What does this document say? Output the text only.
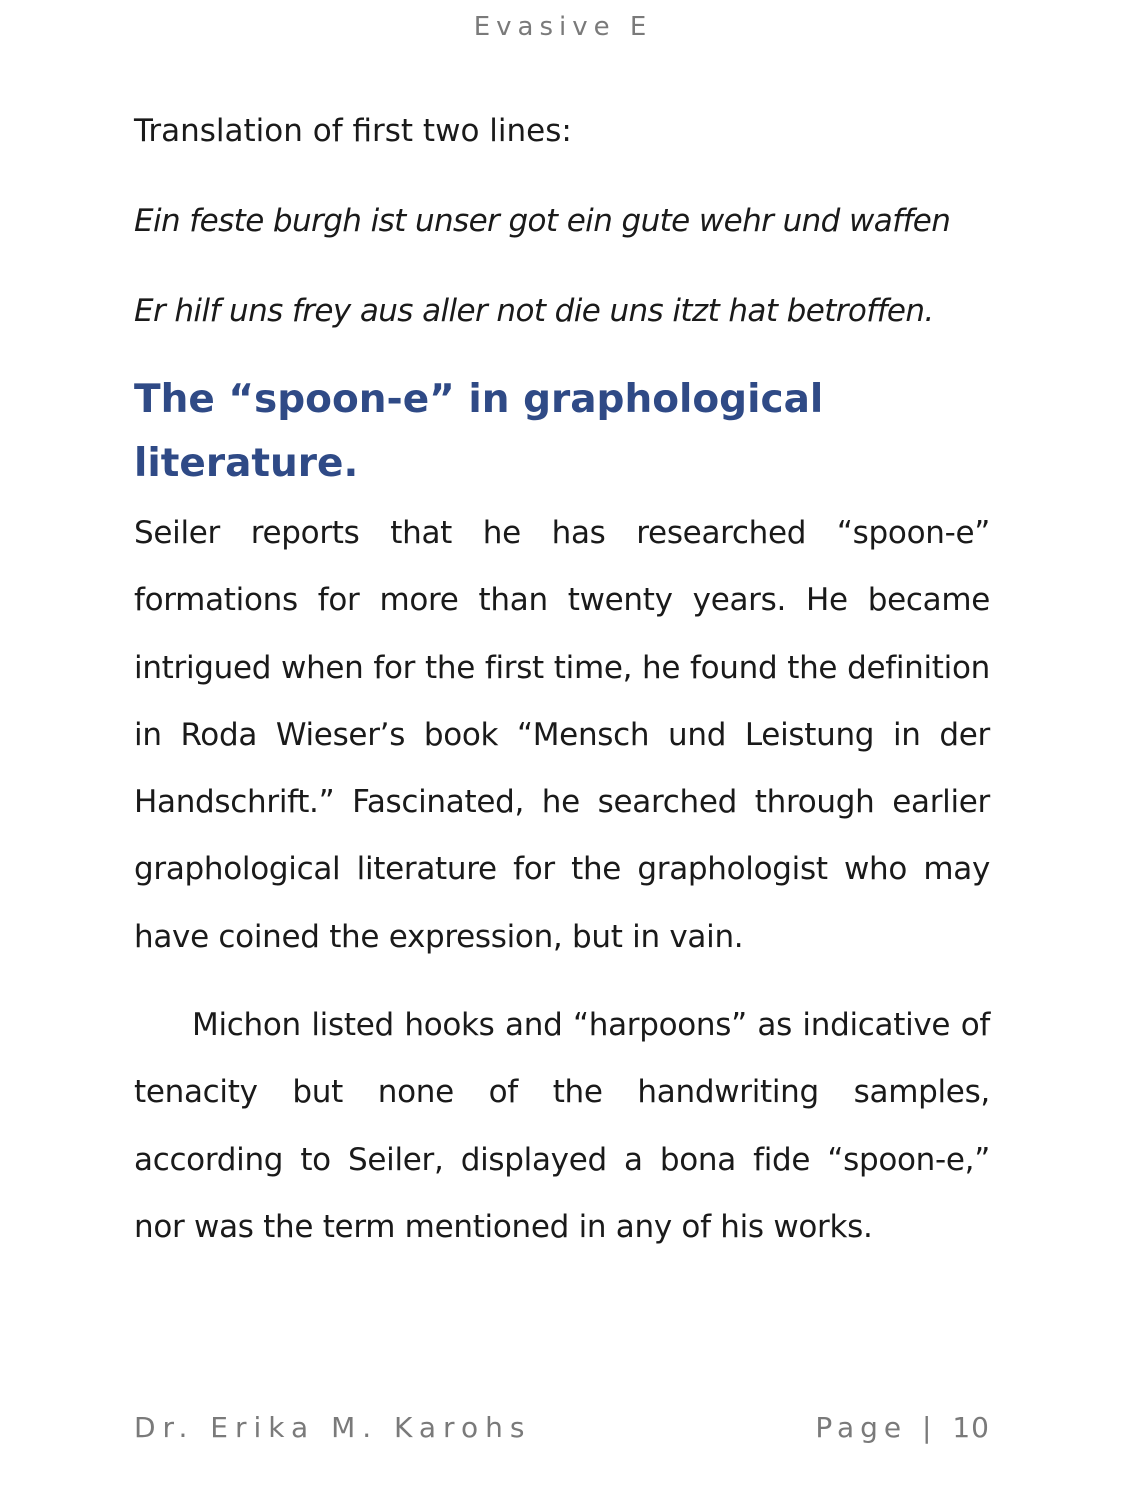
Evasive E

Translation of first two lines:

Ein feste burgh ist unser got ein gute wehr und waffen

Er hilf uns frey aus aller not die uns itzt hat betroffen.

The “spoon-e” in graphological literature.

Seiler reports that he has researched “spoon-e” formations for more than twenty years. He became intrigued when for the first time, he found the definition in Roda Wieser’s book “Mensch und Leistung in der Handschrift.” Fascinated, he searched through earlier graphological literature for the graphologist who may have coined the expression, but in vain.

Michon listed hooks and “harpoons” as indicative of tenacity but none of the handwriting samples, according to Seiler, displayed a bona fide “spoon-e,” nor was the term mentioned in any of his works.

Dr. Erika M. Karohs	Page | 10
